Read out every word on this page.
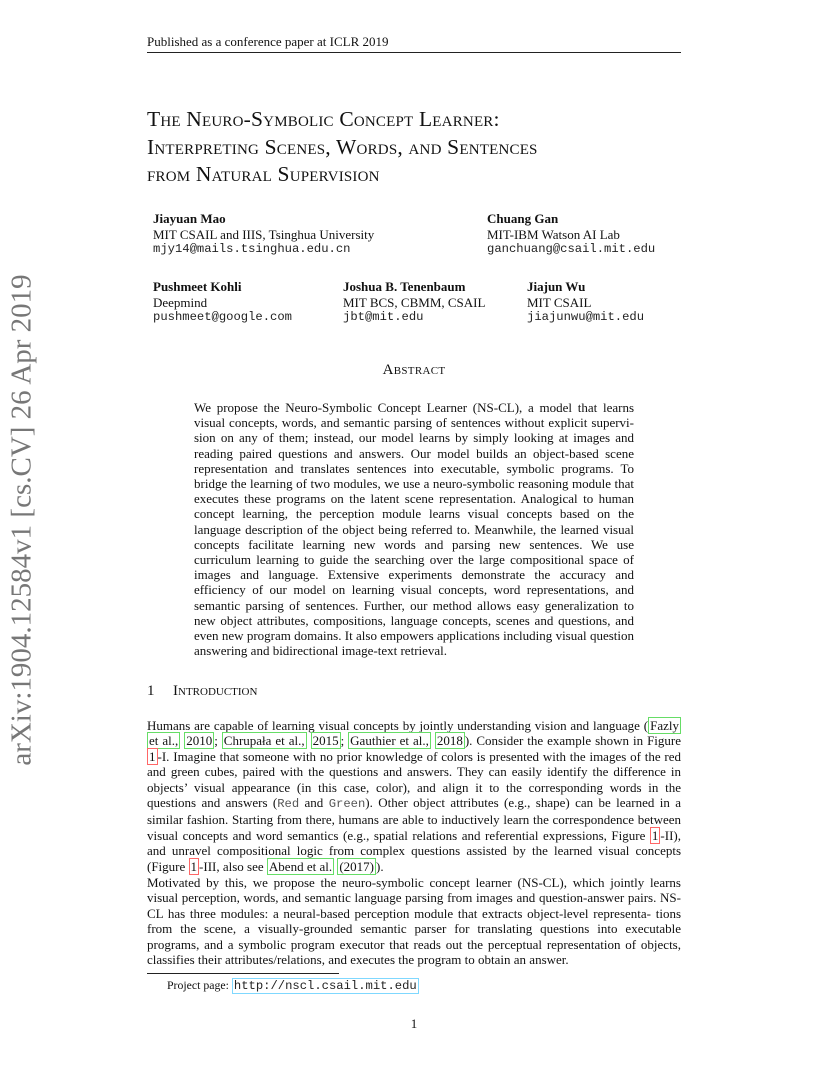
Published as a conference paper at ICLR 2019
arXiv:1904.12584v1 [cs.CV] 26 Apr 2019
The Neuro-Symbolic Concept Learner:
Interpreting Scenes, Words, and Sentences
from Natural Supervision
Jiayuan Mao
MIT CSAIL and IIIS, Tsinghua University
mjy14@mails.tsinghua.edu.cn
Chuang Gan
MIT-IBM Watson AI Lab
ganchuang@csail.mit.edu
Pushmeet Kohli
Deepmind
pushmeet@google.com
Joshua B. Tenenbaum
MIT BCS, CBMM, CSAIL
jbt@mit.edu
Jiajun Wu
MIT CSAIL
jiajunwu@mit.edu
Abstract
We propose the Neuro-Symbolic Concept Learner (NS-CL), a model that learns visual concepts, words, and semantic parsing of sentences without explicit supervi- sion on any of them; instead, our model learns by simply looking at images and reading paired questions and answers. Our model builds an object-based scene representation and translates sentences into executable, symbolic programs. To bridge the learning of two modules, we use a neuro-symbolic reasoning module that executes these programs on the latent scene representation. Analogical to human concept learning, the perception module learns visual concepts based on the language description of the object being referred to. Meanwhile, the learned visual concepts facilitate learning new words and parsing new sentences. We use curriculum learning to guide the searching over the large compositional space of images and language. Extensive experiments demonstrate the accuracy and efficiency of our model on learning visual concepts, word representations, and semantic parsing of sentences. Further, our method allows easy generalization to new object attributes, compositions, language concepts, scenes and questions, and even new program domains. It also empowers applications including visual question answering and bidirectional image-text retrieval.
1 Introduction
Humans are capable of learning visual concepts by jointly understanding vision and language ( Fazly et al., 2010 ; Chrupała et al., 2015 ; Gauthier et al., 2018 ). Consider the example shown in Figure 1 -I. Imagine that someone with no prior knowledge of colors is presented with the images of the red and green cubes, paired with the questions and answers. They can easily identify the difference in objects’ visual appearance (in this case, color), and align it to the corresponding words in the questions and answers (Red and Green). Other object attributes (e.g., shape) can be learned in a similar fashion. Starting from there, humans are able to inductively learn the correspondence between visual concepts and word semantics (e.g., spatial relations and referential expressions, Figure 1 -II), and unravel compositional logic from complex questions assisted by the learned visual concepts (Figure 1 -III, also see Abend et al. (2017) ).
Motivated by this, we propose the neuro-symbolic concept learner (NS-CL), which jointly learns visual perception, words, and semantic language parsing from images and question-answer pairs. NS-CL has three modules: a neural-based perception module that extracts object-level representa- tions from the scene, a visually-grounded semantic parser for translating questions into executable programs, and a symbolic program executor that reads out the perceptual representation of objects, classifies their attributes/relations, and executes the program to obtain an answer.
Project page: http://nscl.csail.mit.edu
1
